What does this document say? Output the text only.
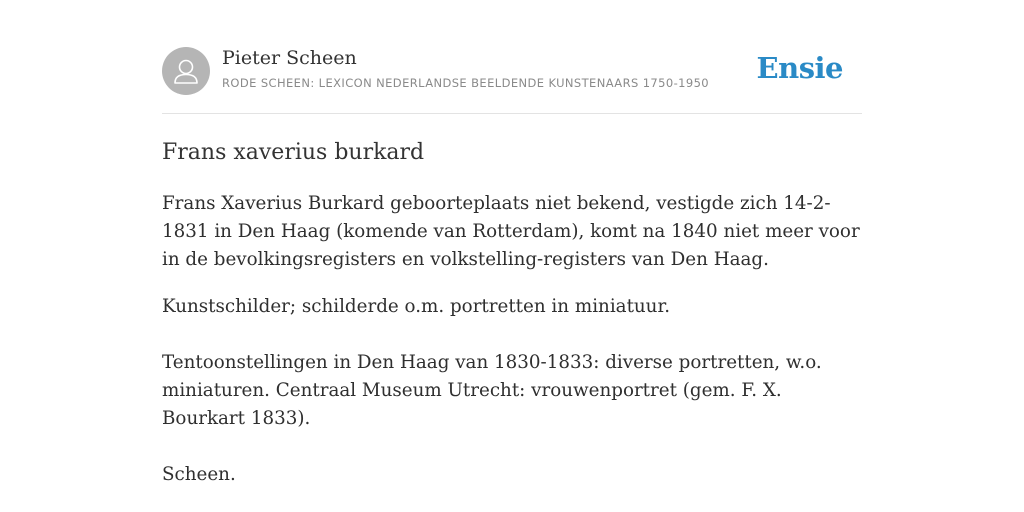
Pieter Scheen
RODE SCHEEN: LEXICON NEDERLANDSE BEELDENDE KUNSTENAARS 1750-1950 Ensie
Frans xaverius burkard
Frans Xaverius Burkard geboorteplaats niet bekend, vestigde zich 14-2-1831 in Den Haag (komende van Rotterdam), komt na 1840 niet meer voor in de bevolkingsregisters en volkstelling-registers van Den Haag.
Kunstschilder; schilderde o.m. portretten in miniatuur.
Tentoonstellingen in Den Haag van 1830-1833: diverse portretten, w.o. miniaturen. Centraal Museum Utrecht: vrouwenportret (gem. F. X. Bourkart 1833).
Scheen.
